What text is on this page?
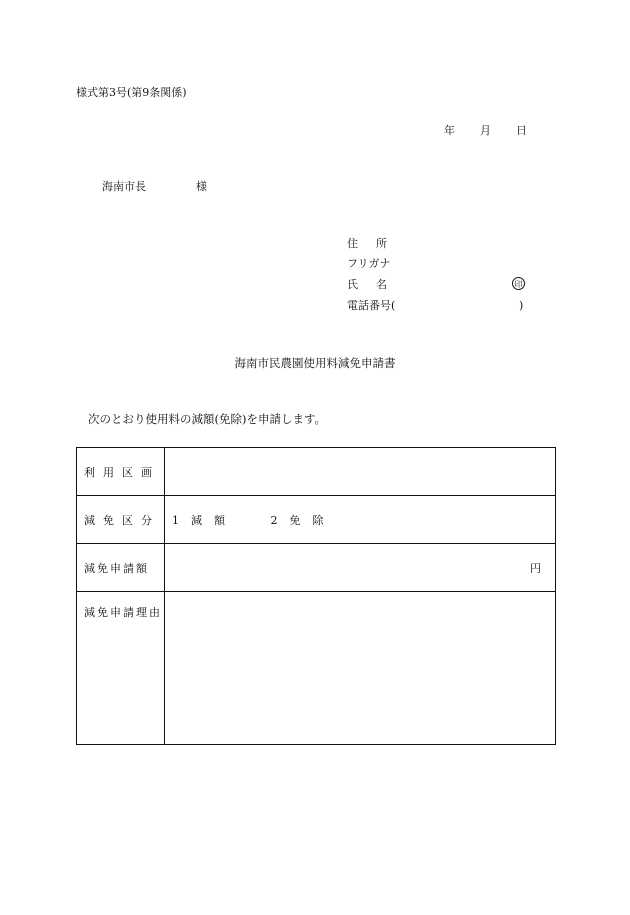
様式第3号(第9条関係)
年 月 日
海南市長	様
住所
フリガナ
氏名	印
電話番号(	)
海南市民農園使用料減免申請書
次のとおり使用料の減額(免除)を申請します。
利用区画	
減免区分	1 減額 2 免除
減免申請額	円

減免申請理由	
